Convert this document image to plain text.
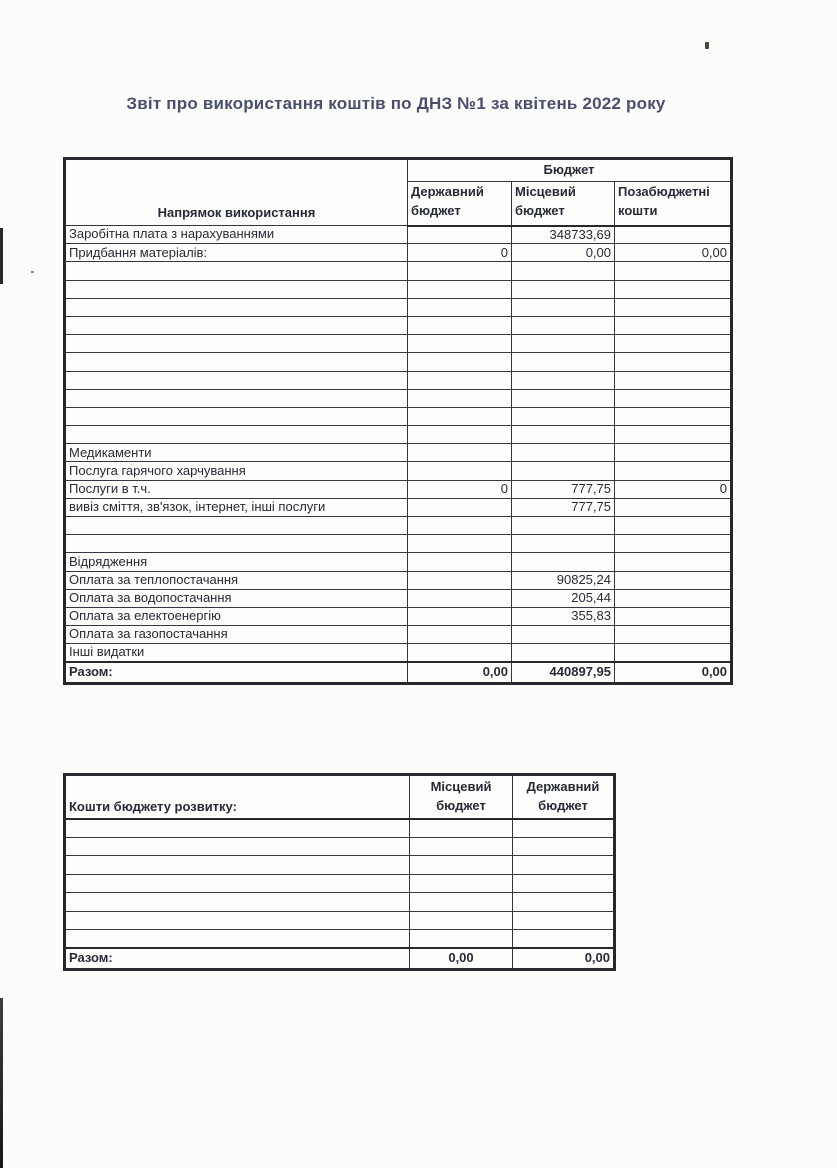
Звіт про використання коштів по ДНЗ №1 за квітень 2022 року
Напрямок використання	Бюджет		
	Державний бюджет	Місцевий бюджет	Позабюджетні кошти
Заробітна плата з нарахуваннями		348733,69	
Придбання матеріалів:	0	0,00	0,00

Медикаменти			
Послуга гарячого харчування			
Послуги в т.ч.	0	777,75	0
вивіз сміття, зв'язок, інтернет, інші послуги		777,75	

Відрядження			
Оплата за теплопостачання		90825,24	
Оплата за водопостачання		205,44	
Оплата за електоенергію		355,83	
Оплата за газопостачання			
Інші видатки			
Разом:	0,00	440897,95	0,00
Кошти бюджету розвитку:	Місцевий бюджет	Державний бюджет

Разом:	0,00	0,00
